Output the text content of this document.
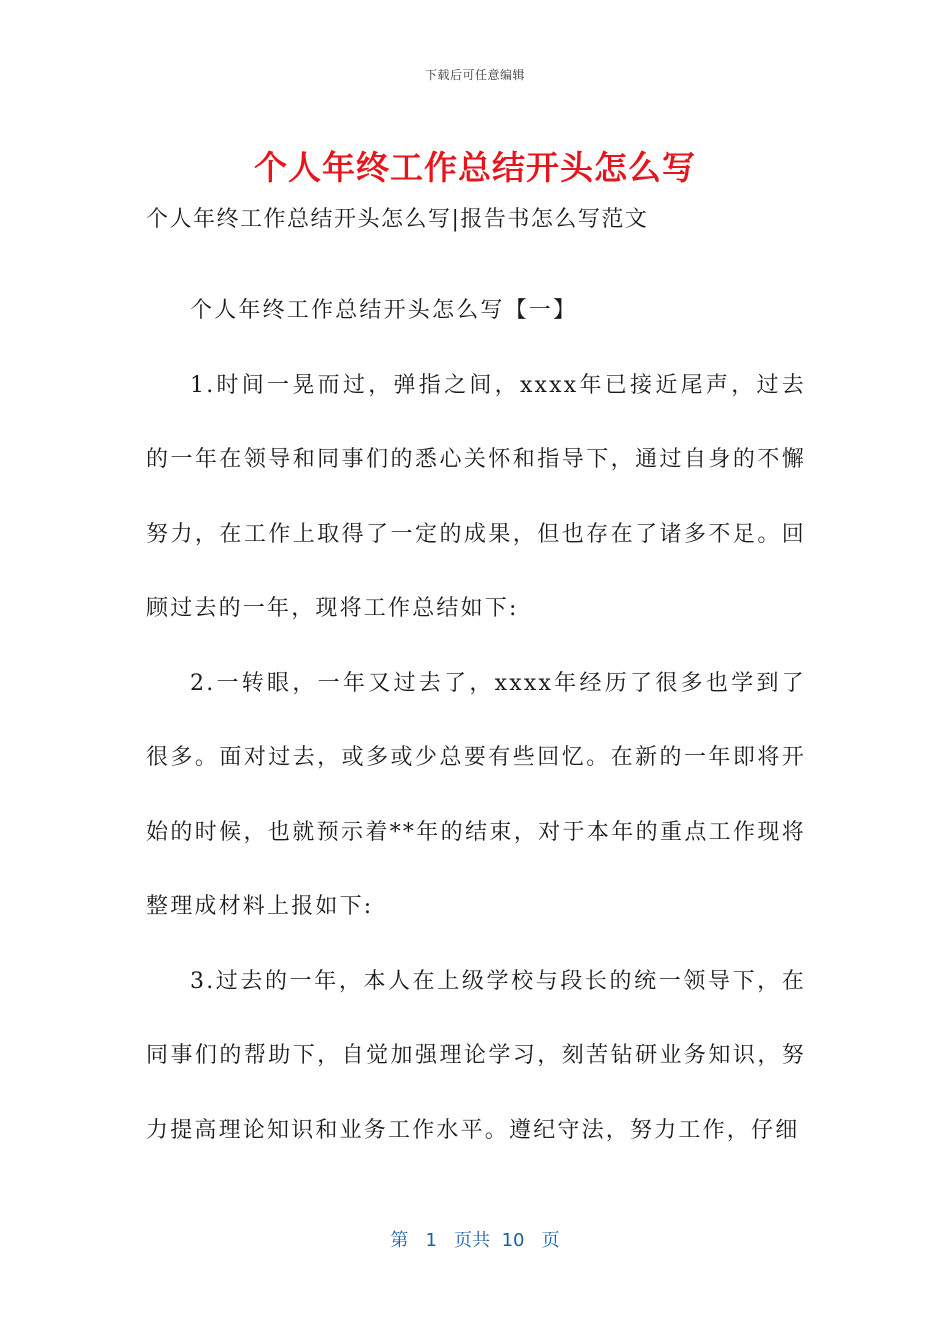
下载后可任意编辑
个人年终工作总结开头怎么写

个人年终工作总结开头怎么写|报告书怎么写范文

个人年终工作总结开头怎么写【一】

1.时间一晃而过，弹指之间，xxxx年已接近尾声，过去的一年在领导和同事们的悉心关怀和指导下，通过自身的不懈努力，在工作上取得了一定的成果，但也存在了诸多不足。回顾过去的一年，现将工作总结如下:

2.一转眼，一年又过去了，xxxx年经历了很多也学到了很多。面对过去，或多或少总要有些回忆。在新的一年即将开始的时候，也就预示着**年的结束，对于本年的重点工作现将整理成材料上报如下:

3.过去的一年，本人在上级学校与段长的统一领导下，在同事们的帮助下，自觉加强理论学习，刻苦钻研业务知识，努力提高理论知识和业务工作水平。遵纪守法，努力工作，仔细

第 1 页共 10 页
